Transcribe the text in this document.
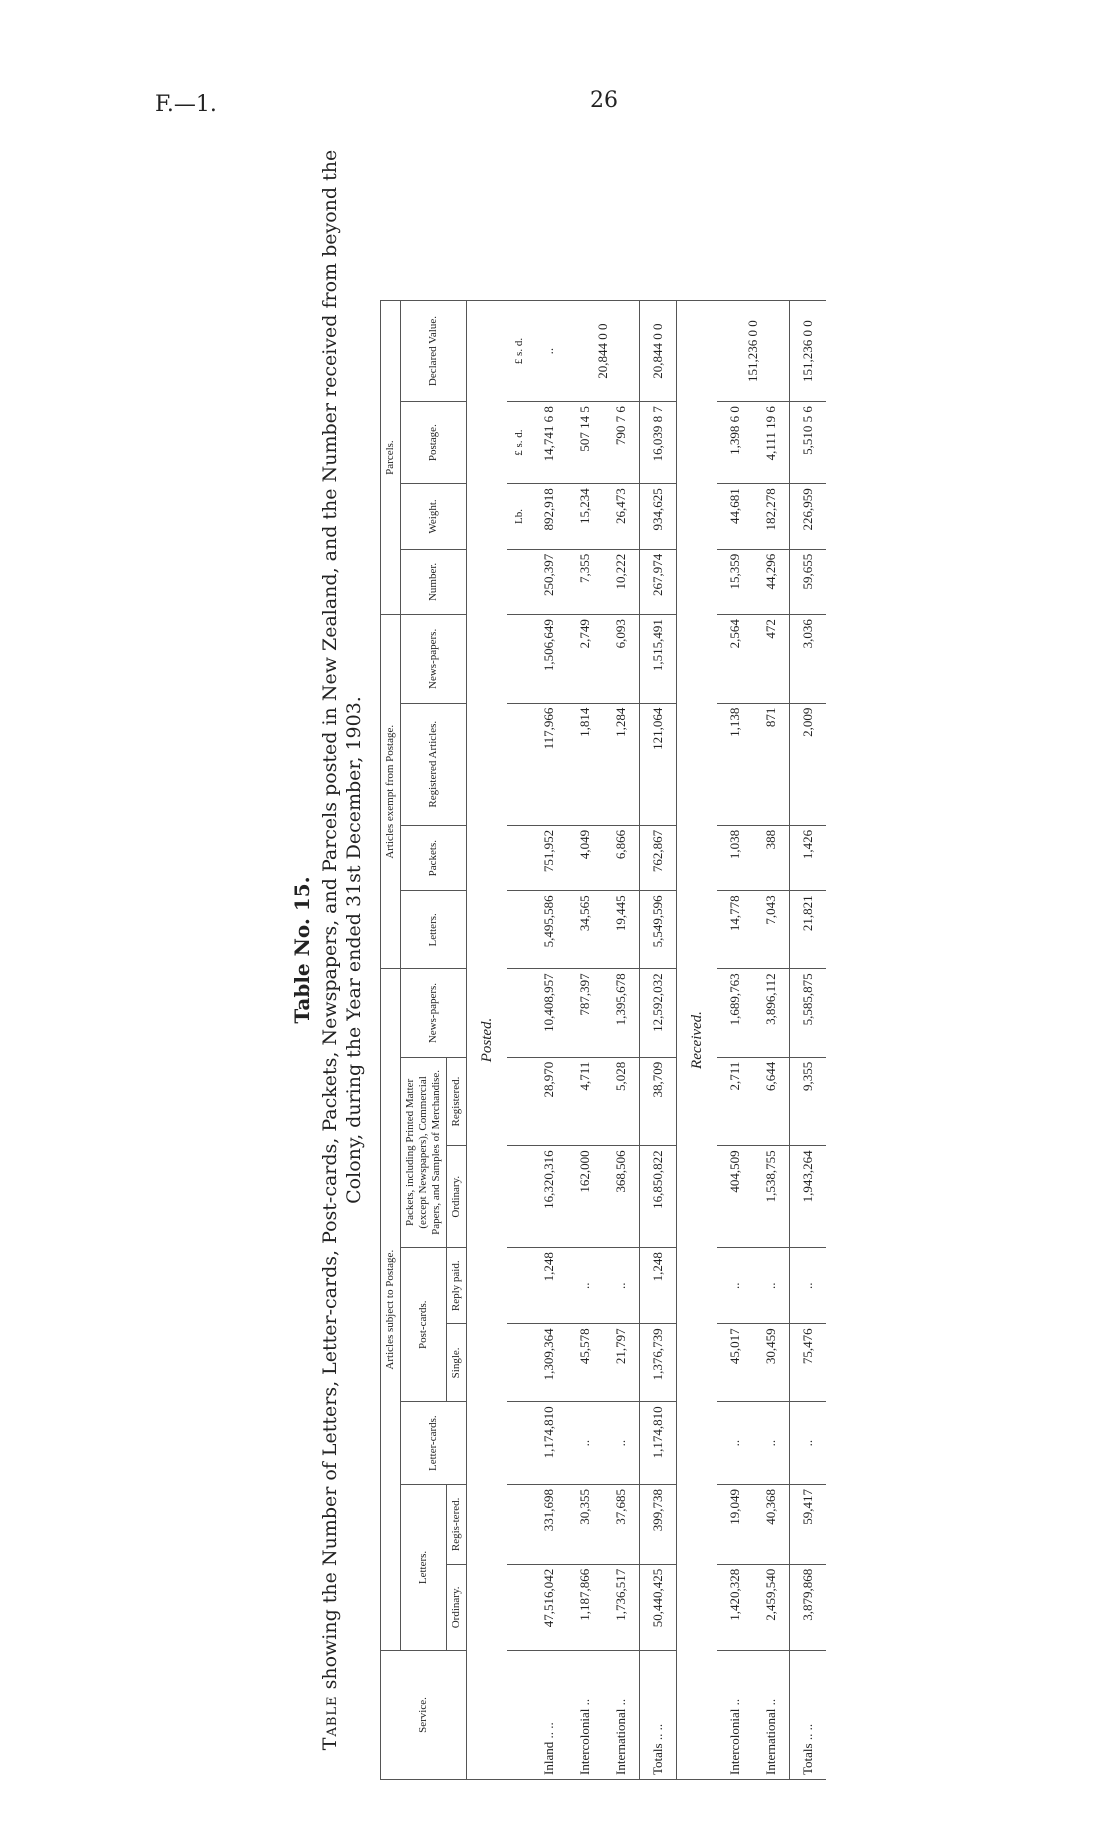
F.—1.	26
Table No. 15.
Table showing the Number of Letters, Letter-cards, Post-cards, Packets, Newspapers, and Parcels posted in New Zealand, and the Number received from beyond the Colony, during the Year ended 31st December, 1903.
Service.	Articles subject to Postage.								Articles exempt from Postage.				Parcels.			
	Letters.		Letter-cards.	Post-cards.		Packets, including Printed Matter (except Newspapers), Commercial Papers, and Samples of Merchandise.		News-papers.	Letters.	Packets.	Registered Articles.	News-papers.	Number.	Weight.	Postage.	Declared Value.
	Ordinary.	Regis-tered.		Single.	Reply paid.	Ordinary.	Registered.									
Posted.																
														Lb.	£ s. d.	£ s. d.
Inland .. ..	47,516,042	331,698	1,174,810	1,309,364	1,248	16,320,316	28,970	10,408,957	5,495,586	751,952	117,966	1,506,649	250,397	892,918	14,741 6 8	..
Intercolonial ..	1,187,866	30,355	..	45,578	..	162,000	4,711	787,397	34,565	4,049	1,814	2,749	7,355	15,234	507 14 5	20,844 0 0
International ..	1,736,517	37,685	..	21,797	..	368,506	5,028	1,395,678	19,445	6,866	1,284	6,093	10,222	26,473	790 7 6	
Totals .. ..	50,440,425	399,738	1,174,810	1,376,739	1,248	16,850,822	38,709	12,592,032	5,549,596	762,867	121,064	1,515,491	267,974	934,625	16,039 8 7	20,844 0 0
Received.																
Intercolonial ..	1,420,328	19,049	..	45,017	..	404,509	2,711	1,689,763	14,778	1,038	1,138	2,564	15,359	44,681	1,398 6 0	151,236 0 0
International ..	2,459,540	40,368	..	30,459	..	1,538,755	6,644	3,896,112	7,043	388	871	472	44,296	182,278	4,111 19 6	
Totals .. ..	3,879,868	59,417	..	75,476	..	1,943,264	9,355	5,585,875	21,821	1,426	2,009	3,036	59,655	226,959	5,510 5 6	151,236 0 0
